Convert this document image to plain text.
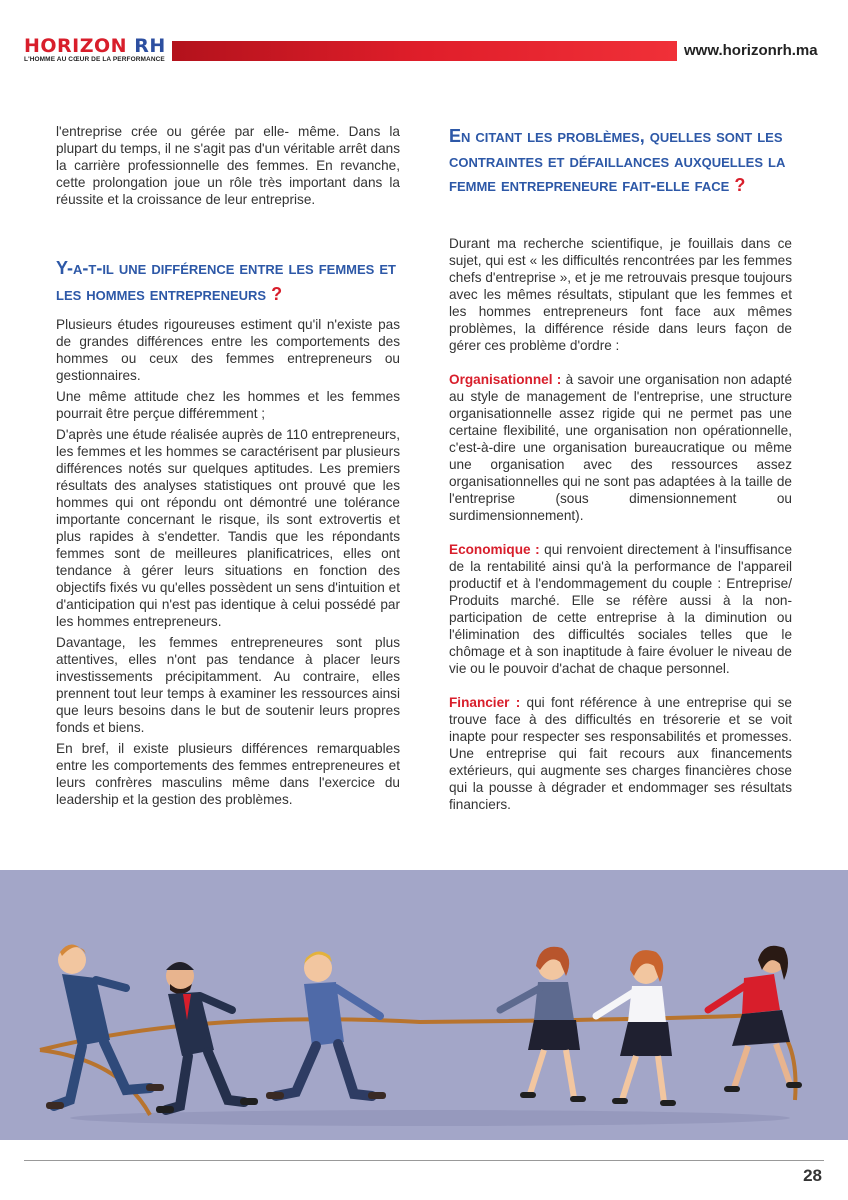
HORIZON RH
L'HOMME AU CŒUR DE LA PERFORMANCE
www.horizonrh.ma

l'entreprise crée ou gérée par elle- même. Dans la plupart du temps, il ne s'agit pas d'un véritable arrêt dans la carrière professionnelle des femmes. En revanche, cette prolongation joue un rôle très important dans la réussite et la croissance de leur entreprise.

Y-a-t-il une différence entre les femmes et les hommes entrepreneurs ?

Plusieurs études rigoureuses estiment qu'il n'existe pas de grandes différences entre les comportements des hommes ou ceux des femmes entrepreneurs ou gestionnaires.

Une même attitude chez les hommes et les femmes pourrait être perçue différemment ;

D'après une étude réalisée auprès de 110 entrepreneurs, les femmes et les hommes se caractérisent par plusieurs différences notés sur quelques aptitudes. Les premiers résultats des analyses statistiques ont prouvé que les hommes qui ont répondu ont démontré une tolérance importante concernant le risque, ils sont extrovertis et plus rapides à s'endetter. Tandis que les répondants femmes sont de meilleures planificatrices, elles ont tendance à gérer leurs situations en fonction des objectifs fixés vu qu'elles possèdent un sens d'intuition et d'anticipation qui n'est pas identique à celui possédé par les hommes entrepreneurs.

Davantage, les femmes entrepreneures sont plus attentives, elles n'ont pas tendance à placer leurs investissements précipitamment. Au contraire, elles prennent tout leur temps à examiner les ressources ainsi que leurs besoins dans le but de soutenir leurs propres fonds et biens.

En bref, il existe plusieurs différences remarquables entre les comportements des femmes entrepreneures et leurs confrères masculins même dans l'exercice du leadership et la gestion des problèmes.

En citant les problèmes, quelles sont les contraintes et défaillances auxquelles la femme entrepreneure fait-elle face ?

Durant ma recherche scientifique, je fouillais dans ce sujet, qui est « les difficultés rencontrées par les femmes chefs d'entreprise », et je me retrouvais presque toujours avec les mêmes résultats, stipulant que les femmes et les hommes entrepreneurs font face aux mêmes problèmes, la différence réside dans leurs façon de gérer ces problème d'ordre :

Organisationnel : à savoir une organisation non adapté au style de management de l'entreprise, une structure organisationnelle assez rigide qui ne permet pas une certaine flexibilité, une organisation non opérationnelle, c'est-à-dire une organisation bureaucratique ou même une organisation avec des ressources assez organisationnelles qui ne sont pas adaptées à la taille de l'entreprise (sous dimensionnement ou surdimensionnement).

Economique : qui renvoient directement à l'insuffisance de la rentabilité ainsi qu'à la performance de l'appareil productif et à l'endommagement du couple : Entreprise/ Produits marché. Elle se réfère aussi à la non- participation de cette entreprise à la diminution ou l'élimination des difficultés sociales telles que le chômage et à son inaptitude à faire évoluer le niveau de vie ou le pouvoir d'achat de chaque personnel.

Financier : qui font référence à une entreprise qui se trouve face à des difficultés en trésorerie et se voit inapte pour respecter ses responsabilités et promesses. Une entreprise qui fait recours aux financements extérieurs, qui augmente ses charges financières chose qui la pousse à dégrader et endommager ses résultats financiers.

28
